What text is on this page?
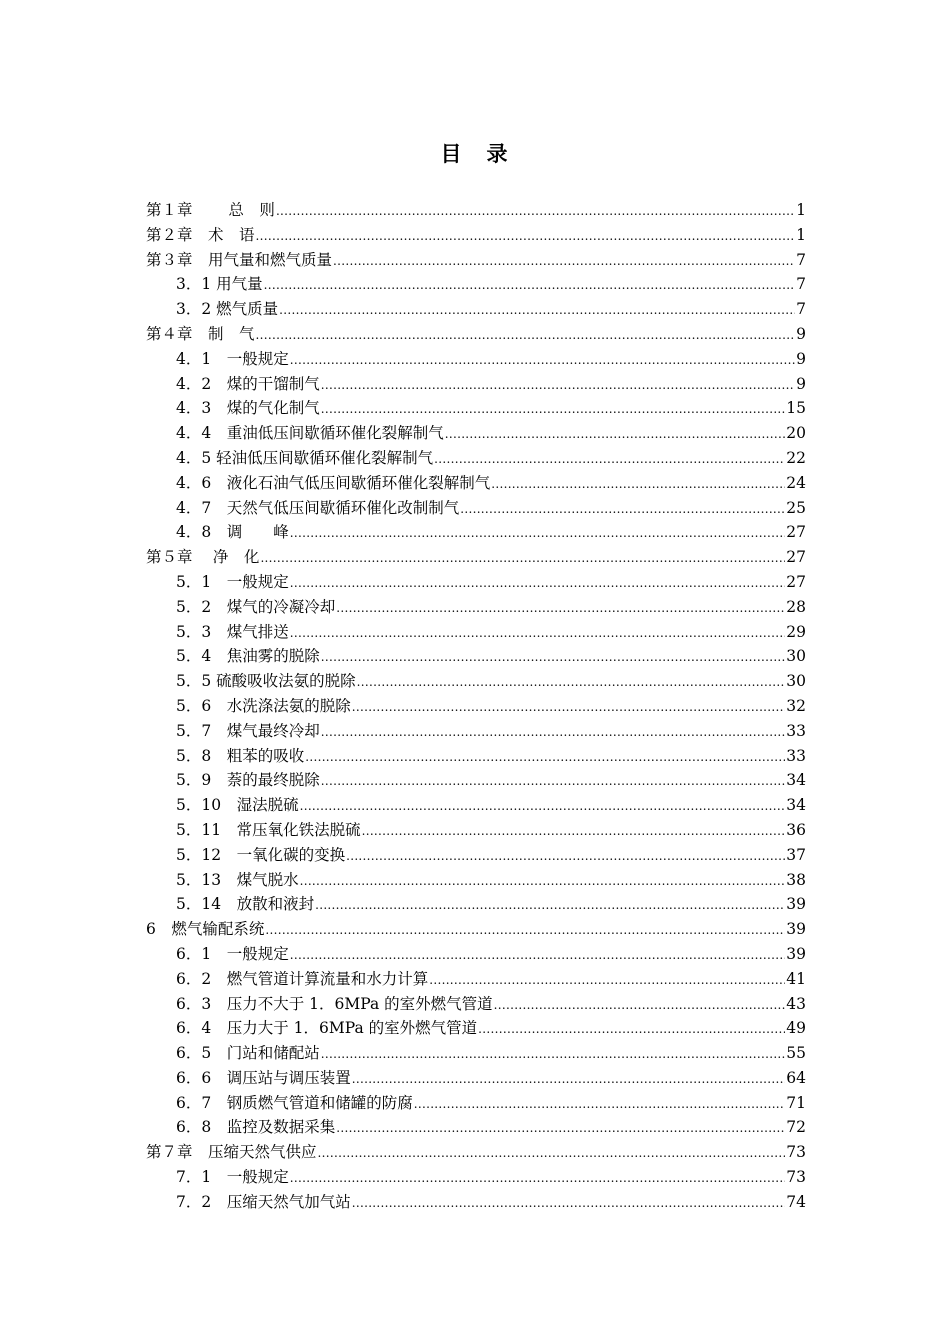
目　录
第１章　　 总　则 .....	1
第２章　术　语 .....	1
第３章　用气量和燃气质量 .....	7
3．1 用气量 .....	7
3．2 燃气质量 .....	7
第４章　制　气 .....	9
4．1　一般规定 .....	9
4．2　煤的干馏制气 .....	9
4．3　煤的气化制气 .....	15
4．4　重油低压间歇循环催化裂解制气 .....	20
4．5 轻油低压间歇循环催化裂解制气 .....	22
4．6　液化石油气低压间歇循环催化裂解制气 .....	24
4．7　天然气低压间歇循环催化改制制气 .....	25
4．8　调　　峰 .....	27
第５章　 净　化 .....	27
5．1　一般规定 .....	27
5．2　煤气的冷凝冷却 .....	28
5．3　煤气排送 .....	29
5．4　焦油雾的脱除 .....	30
5．5 硫酸吸收法氨的脱除 .....	30
5．6　水洗涤法氨的脱除 .....	32
5．7　煤气最终冷却 .....	33
5．8　粗苯的吸收 .....	33
5．9　萘的最终脱除 .....	34
5．10　湿法脱硫 .....	34
5．11　常压氧化铁法脱硫 .....	36
5．12　一氧化碳的变换 .....	37
5．13　煤气脱水 .....	38
5．14　放散和液封 .....	39
6　燃气输配系统 .....	39
6．1　一般规定 .....	39
6．2　燃气管道计算流量和水力计算 .....	41
6．3　压力不大于 1．6MPa 的室外燃气管道 .....	43
6．4　压力大于 1．6MPa 的室外燃气管道 .....	49
6．5　门站和储配站 .....	55
6．6　调压站与调压装置 .....	64
6．7　钢质燃气管道和储罐的防腐 .....	71
6．8　监控及数据采集 .....	72
第７章　压缩天然气供应 .....	73
7．1　一般规定 .....	73
7．2　压缩天然气加气站 .....	74
